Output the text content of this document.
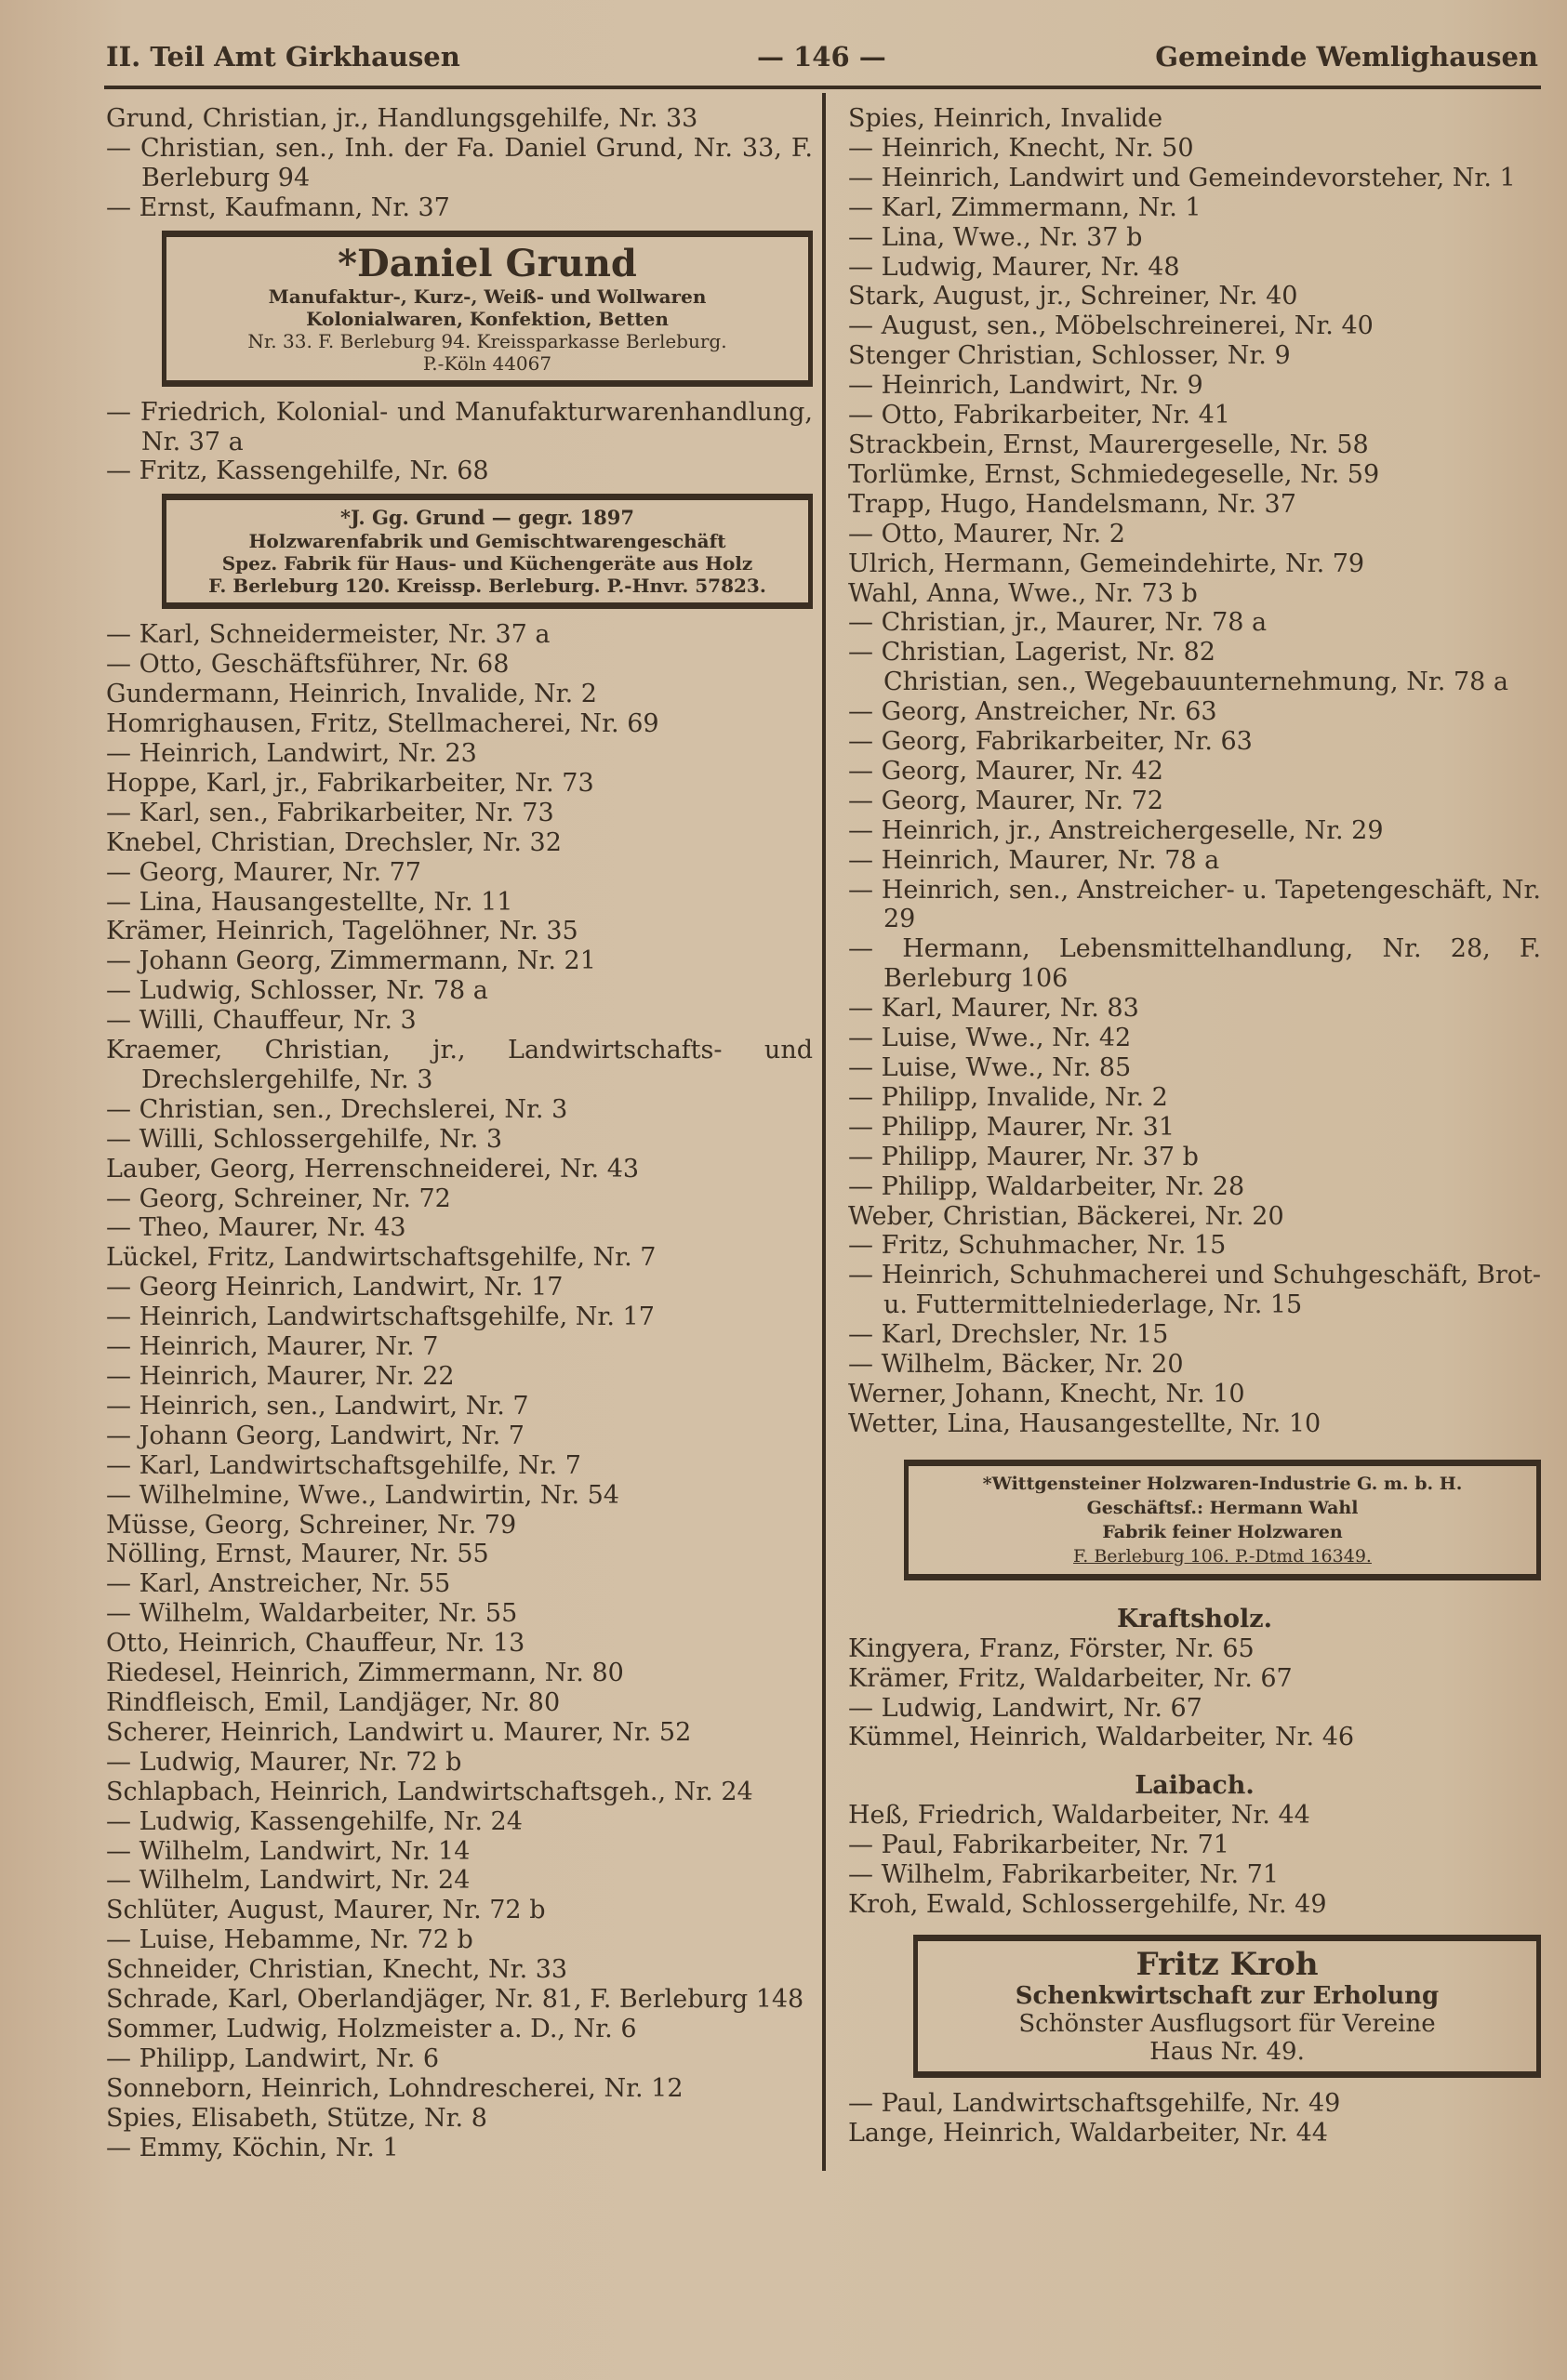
II. Teil Amt Girkhausen	— 146 —	Gemeinde Wemlighausen
Grund, Christian, jr., Handlungsgehilfe, Nr. 33
— Christian, sen., Inh. der Fa. Daniel Grund, Nr. 33, F. Berleburg 94
— Ernst, Kaufmann, Nr. 37
*Daniel Grund
Manufaktur-, Kurz-, Weiß- und Wollwaren
Kolonialwaren, Konfektion, Betten
Nr. 33. F. Berleburg 94. Kreissparkasse Berleburg.
P.-Köln 44067
— Friedrich, Kolonial- und Manufakturwarenhandlung, Nr. 37 a
— Fritz, Kassengehilfe, Nr. 68
*J. Gg. Grund — gegr. 1897
Holzwarenfabrik und Gemischtwarengeschäft
Spez. Fabrik für Haus- und Küchengeräte aus Holz
F. Berleburg 120. Kreissp. Berleburg. P.-Hnvr. 57823.
— Karl, Schneidermeister, Nr. 37 a
— Otto, Geschäftsführer, Nr. 68
Gundermann, Heinrich, Invalide, Nr. 2
Homrighausen, Fritz, Stellmacherei, Nr. 69
— Heinrich, Landwirt, Nr. 23
Hoppe, Karl, jr., Fabrikarbeiter, Nr. 73
— Karl, sen., Fabrikarbeiter, Nr. 73
Knebel, Christian, Drechsler, Nr. 32
— Georg, Maurer, Nr. 77
— Lina, Hausangestellte, Nr. 11
Krämer, Heinrich, Tagelöhner, Nr. 35
— Johann Georg, Zimmermann, Nr. 21
— Ludwig, Schlosser, Nr. 78 a
— Willi, Chauffeur, Nr. 3
Kraemer, Christian, jr., Landwirtschafts- und Drechslergehilfe, Nr. 3
— Christian, sen., Drechslerei, Nr. 3
— Willi, Schlossergehilfe, Nr. 3
Lauber, Georg, Herrenschneiderei, Nr. 43
— Georg, Schreiner, Nr. 72
— Theo, Maurer, Nr. 43
Lückel, Fritz, Landwirtschaftsgehilfe, Nr. 7
— Georg Heinrich, Landwirt, Nr. 17
— Heinrich, Landwirtschaftsgehilfe, Nr. 17
— Heinrich, Maurer, Nr. 7
— Heinrich, Maurer, Nr. 22
— Heinrich, sen., Landwirt, Nr. 7
— Johann Georg, Landwirt, Nr. 7
— Karl, Landwirtschaftsgehilfe, Nr. 7
— Wilhelmine, Wwe., Landwirtin, Nr. 54
Müsse, Georg, Schreiner, Nr. 79
Nölling, Ernst, Maurer, Nr. 55
— Karl, Anstreicher, Nr. 55
— Wilhelm, Waldarbeiter, Nr. 55
Otto, Heinrich, Chauffeur, Nr. 13
Riedesel, Heinrich, Zimmermann, Nr. 80
Rindfleisch, Emil, Landjäger, Nr. 80
Scherer, Heinrich, Landwirt u. Maurer, Nr. 52
— Ludwig, Maurer, Nr. 72 b
Schlapbach, Heinrich, Landwirtschaftsgeh., Nr. 24
— Ludwig, Kassengehilfe, Nr. 24
— Wilhelm, Landwirt, Nr. 14
— Wilhelm, Landwirt, Nr. 24
Schlüter, August, Maurer, Nr. 72 b
— Luise, Hebamme, Nr. 72 b
Schneider, Christian, Knecht, Nr. 33
Schrade, Karl, Oberlandjäger, Nr. 81, F. Berleburg 148
Sommer, Ludwig, Holzmeister a. D., Nr. 6
— Philipp, Landwirt, Nr. 6
Sonneborn, Heinrich, Lohndrescherei, Nr. 12
Spies, Elisabeth, Stütze, Nr. 8
— Emmy, Köchin, Nr. 1
Spies, Heinrich, Invalide
— Heinrich, Knecht, Nr. 50
— Heinrich, Landwirt und Gemeindevorsteher, Nr. 1
— Karl, Zimmermann, Nr. 1
— Lina, Wwe., Nr. 37 b
— Ludwig, Maurer, Nr. 48
Stark, August, jr., Schreiner, Nr. 40
— August, sen., Möbelschreinerei, Nr. 40
Stenger Christian, Schlosser, Nr. 9
— Heinrich, Landwirt, Nr. 9
— Otto, Fabrikarbeiter, Nr. 41
Strackbein, Ernst, Maurergeselle, Nr. 58
Torlümke, Ernst, Schmiedegeselle, Nr. 59
Trapp, Hugo, Handelsmann, Nr. 37
— Otto, Maurer, Nr. 2
Ulrich, Hermann, Gemeindehirte, Nr. 79
Wahl, Anna, Wwe., Nr. 73 b
— Christian, jr., Maurer, Nr. 78 a
— Christian, Lagerist, Nr. 82
Christian, sen., Wegebauunternehmung, Nr. 78 a
— Georg, Anstreicher, Nr. 63
— Georg, Fabrikarbeiter, Nr. 63
— Georg, Maurer, Nr. 42
— Georg, Maurer, Nr. 72
— Heinrich, jr., Anstreichergeselle, Nr. 29
— Heinrich, Maurer, Nr. 78 a
— Heinrich, sen., Anstreicher- u. Tapetengeschäft, Nr. 29
— Hermann, Lebensmittelhandlung, Nr. 28, F. Berleburg 106
— Karl, Maurer, Nr. 83
— Luise, Wwe., Nr. 42
— Luise, Wwe., Nr. 85
— Philipp, Invalide, Nr. 2
— Philipp, Maurer, Nr. 31
— Philipp, Maurer, Nr. 37 b
— Philipp, Waldarbeiter, Nr. 28
Weber, Christian, Bäckerei, Nr. 20
— Fritz, Schuhmacher, Nr. 15
— Heinrich, Schuhmacherei und Schuhgeschäft, Brot- u. Futtermittelniederlage, Nr. 15
— Karl, Drechsler, Nr. 15
— Wilhelm, Bäcker, Nr. 20
Werner, Johann, Knecht, Nr. 10
Wetter, Lina, Hausangestellte, Nr. 10
*Wittgensteiner Holzwaren-Industrie G. m. b. H.
Geschäftsf.: Hermann Wahl
Fabrik feiner Holzwaren
F. Berleburg 106. P.-Dtmd 16349.
Kraftsholz.
Kingyera, Franz, Förster, Nr. 65
Krämer, Fritz, Waldarbeiter, Nr. 67
— Ludwig, Landwirt, Nr. 67
Kümmel, Heinrich, Waldarbeiter, Nr. 46
Laibach.
Heß, Friedrich, Waldarbeiter, Nr. 44
— Paul, Fabrikarbeiter, Nr. 71
— Wilhelm, Fabrikarbeiter, Nr. 71
Kroh, Ewald, Schlossergehilfe, Nr. 49
Fritz Kroh
Schenkwirtschaft zur Erholung
Schönster Ausflugsort für Vereine
Haus Nr. 49.
— Paul, Landwirtschaftsgehilfe, Nr. 49
Lange, Heinrich, Waldarbeiter, Nr. 44
